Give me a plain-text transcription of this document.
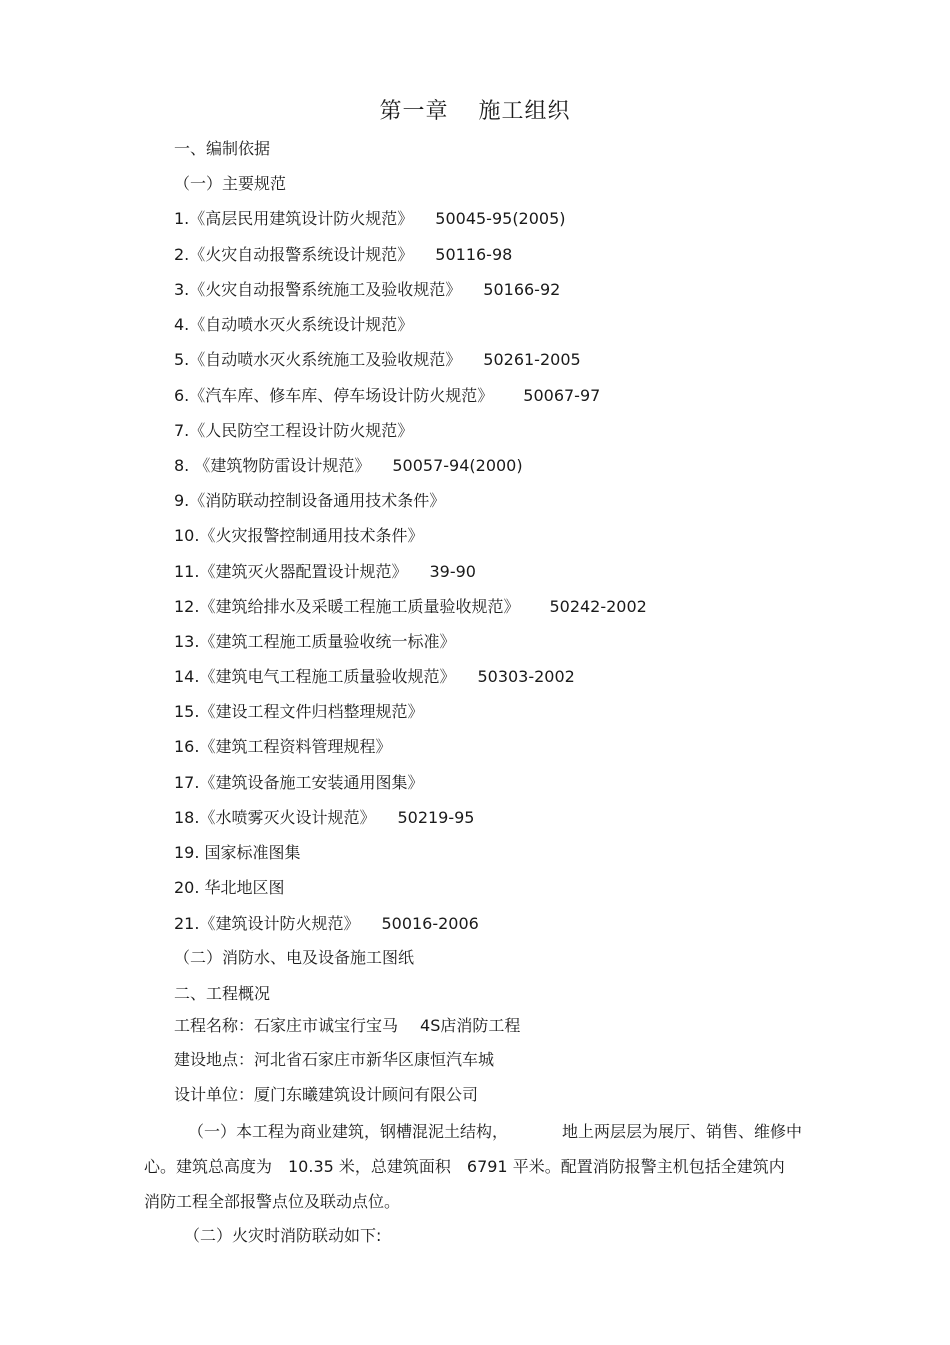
第一章 施工组织
一、编制依据
（一）主要规范
1.《高层民用建筑设计防火规范》 50045-95(2005)
2.《火灾自动报警系统设计规范》 50116-98
3.《火灾自动报警系统施工及验收规范》 50166-92
4.《自动喷水灭火系统设计规范》
5.《自动喷水灭火系统施工及验收规范》 50261-2005
6.《汽车库、修车库、停车场设计防火规范》 50067-97
7.《人民防空工程设计防火规范》
8. 《建筑物防雷设计规范》 50057-94(2000)
9.《消防联动控制设备通用技术条件》
10.《火灾报警控制通用技术条件》
11.《建筑灭火器配置设计规范》 39-90
12.《建筑给排水及采暖工程施工质量验收规范》 50242-2002
13.《建筑工程施工质量验收统一标准》
14.《建筑电气工程施工质量验收规范》 50303-2002
15.《建设工程文件归档整理规范》
16.《建筑工程资料管理规程》
17.《建筑设备施工安装通用图集》
18.《水喷雾灭火设计规范》 50219-95
19. 国家标准图集
20. 华北地区图
21.《建筑设计防火规范》 50016-2006
（二）消防水、电及设备施工图纸
二、工程概况
工程名称：石家庄市诚宝行宝马 4S店消防工程
建设地点：河北省石家庄市新华区康恒汽车城
设计单位：厦门东曦建筑设计顾问有限公司
（一）本工程为商业建筑，钢槽混泥土结构，	地上两层层为展厅、销售、维修中
心。建筑总高度为　10.35 米，总建筑面积　6791 平米。配置消防报警主机包括全建筑内
消防工程全部报警点位及联动点位。
（二）火灾时消防联动如下:
